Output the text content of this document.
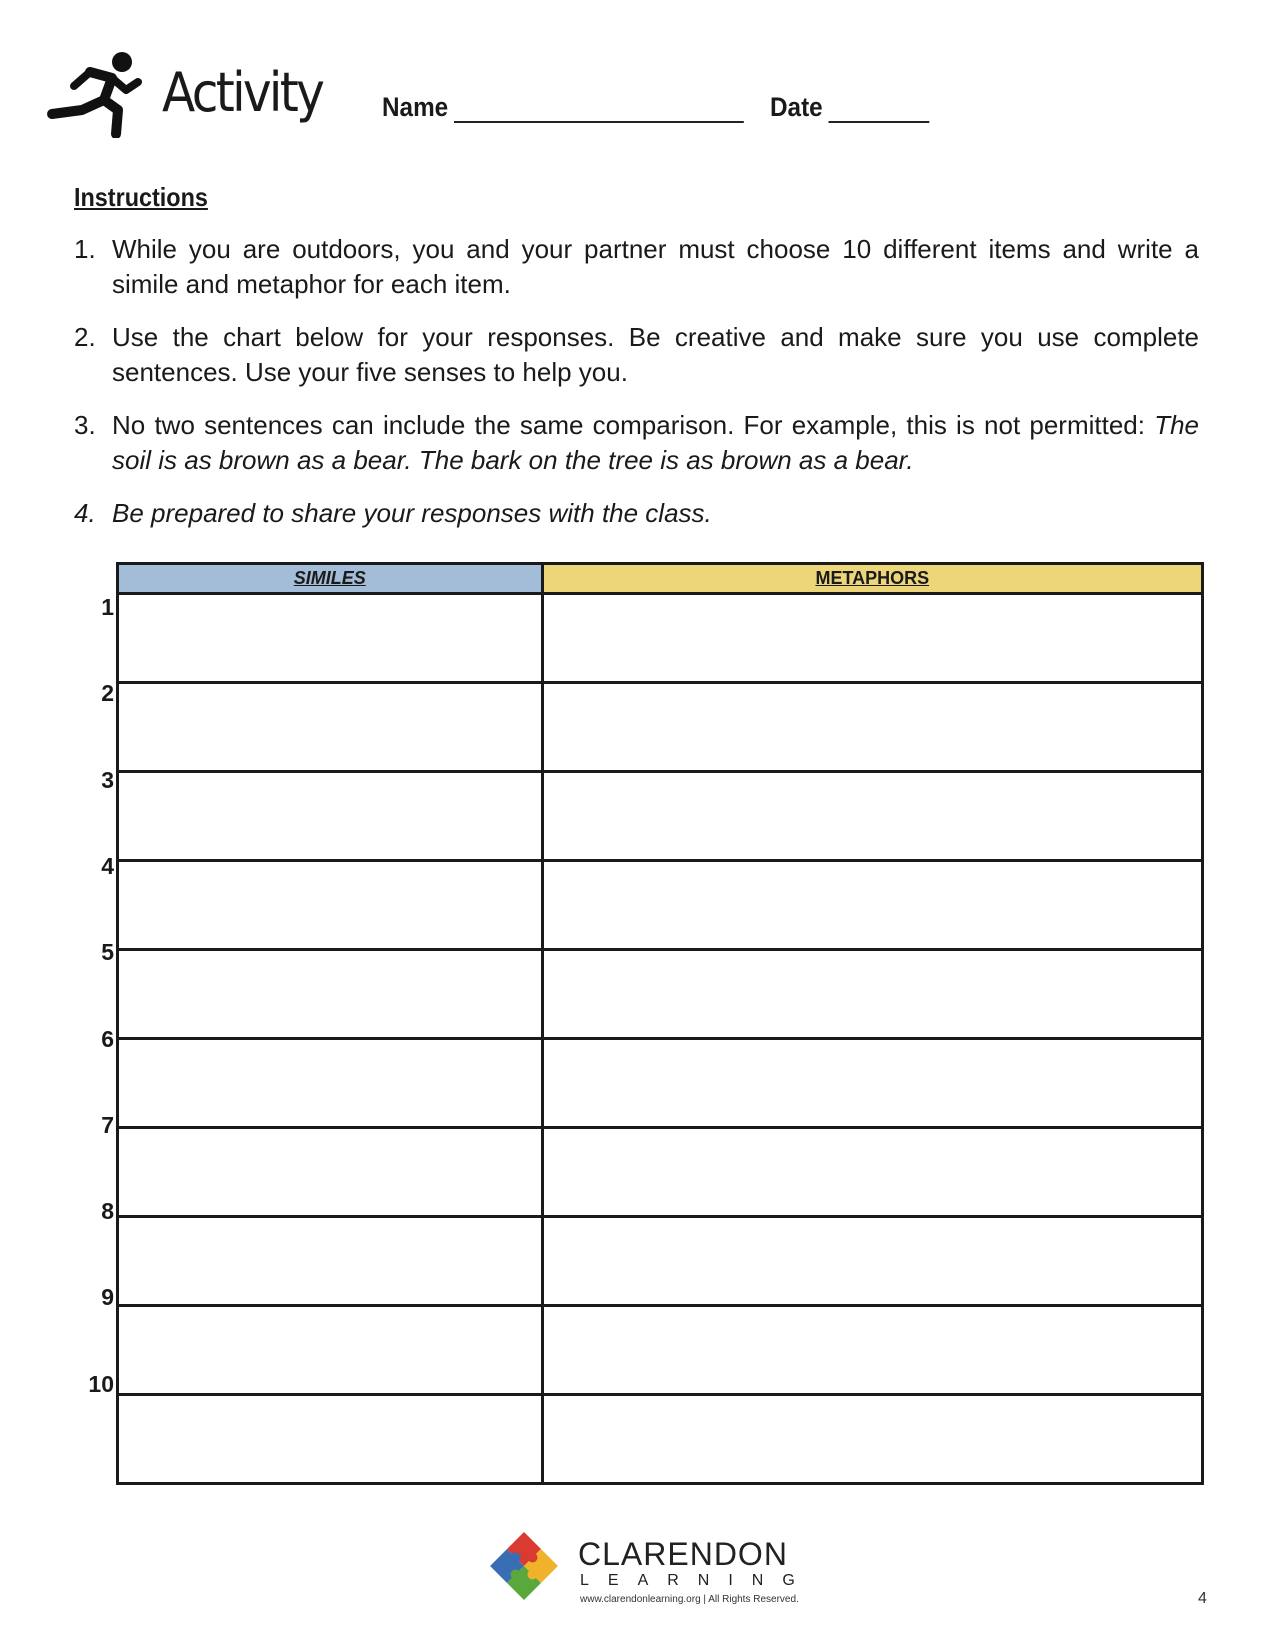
Activity Name	Date
Instructions
1. While you are outdoors, you and your partner must choose 10 different items and write a simile and metaphor for each item.
2. Use the chart below for your responses. Be creative and make sure you use complete sentences. Use your five senses to help you.
3. No two sentences can include the same comparison. For example, this is not permitted: The soil is as brown as a bear. The bark on the tree is as brown as a bear.
4. Be prepared to share your responses with the class.
SIMILES	METAPHORS

1
2
3
4
5
6
7
8
9
10
CLARENDON
LEARNING
www.clarendonlearning.org | All Rights Reserved.	4
